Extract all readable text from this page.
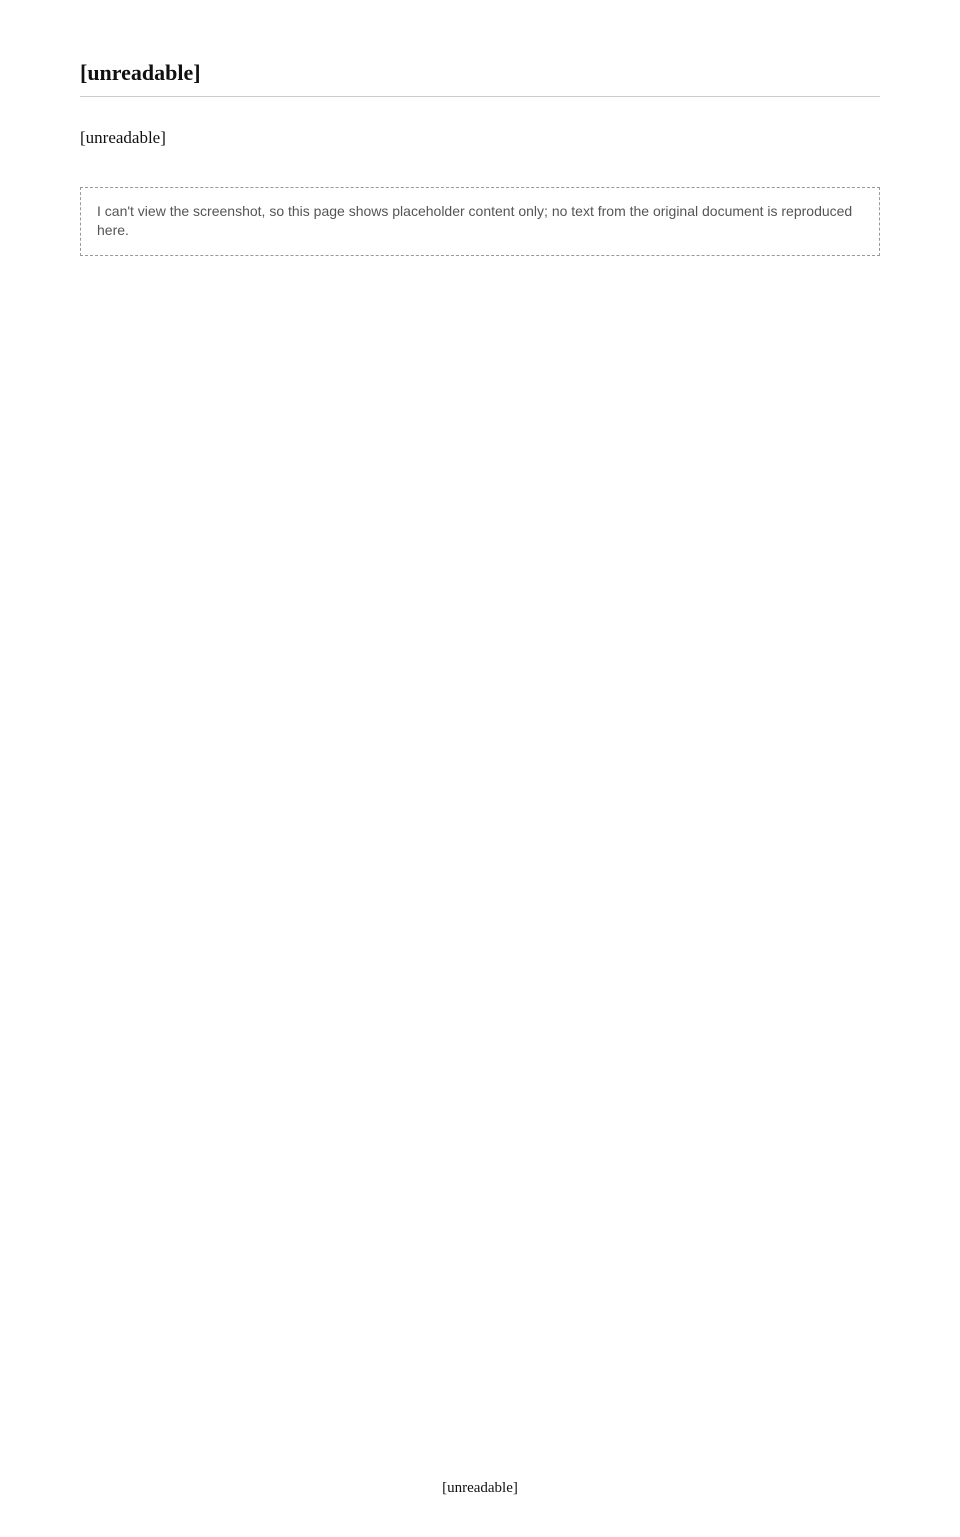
[unreadable]

[unreadable]

I can't view the screenshot, so this page shows placeholder content only; no text from the original document is reproduced here.
[unreadable]
